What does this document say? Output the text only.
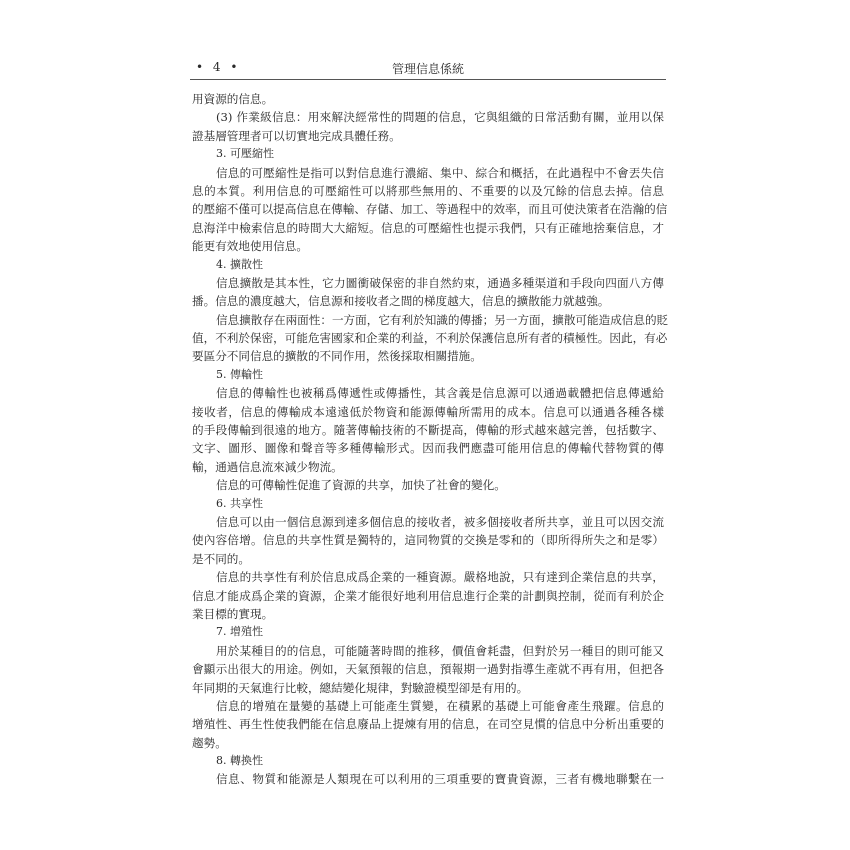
• 4 •	管理信息係統
用資源的信息。
(3) 作業級信息：用來解決經常性的問題的信息，它與組織的日常活動有關，並用以保
證基層管理者可以切實地完成具體任務。
3. 可壓縮性
信息的可壓縮性是指可以對信息進行濃縮、集中、綜合和概括，在此過程中不會丟失信
息的本質。利用信息的可壓縮性可以將那些無用的、不重要的以及冗餘的信息去掉。信息
的壓縮不僅可以提高信息在傳輸、存儲、加工、等過程中的效率，而且可使決策者在浩瀚的信
息海洋中檢索信息的時間大大縮短。信息的可壓縮性也提示我們，只有正確地捨棄信息，才
能更有效地使用信息。
4. 擴散性
信息擴散是其本性，它力圖衝破保密的非自然約束，通過多種渠道和手段向四面八方傳
播。信息的濃度越大，信息源和接收者之間的梯度越大，信息的擴散能力就越強。
信息擴散存在兩面性：一方面，它有利於知識的傳播；另一方面，擴散可能造成信息的貶
值，不利於保密，可能危害國家和企業的利益，不利於保護信息所有者的積極性。因此，有必
要區分不同信息的擴散的不同作用，然後採取相關措施。
5. 傳輸性
信息的傳輸性也被稱爲傳遞性或傳播性，其含義是信息源可以通過載體把信息傳遞給
接收者，信息的傳輸成本遠遠低於物資和能源傳輸所需用的成本。信息可以通過各種各樣
的手段傳輸到很遠的地方。隨著傳輸技術的不斷提高，傳輸的形式越來越完善，包括數字、
文字、圖形、圖像和聲音等多種傳輸形式。因而我們應盡可能用信息的傳輸代替物質的傳
輸，通過信息流來減少物流。
信息的可傳輸性促進了資源的共享，加快了社會的變化。
6. 共享性
信息可以由一個信息源到達多個信息的接收者，被多個接收者所共享，並且可以因交流
使內容倍增。信息的共享性質是獨特的，這同物質的交換是零和的（即所得所失之和是零）
是不同的。
信息的共享性有利於信息成爲企業的一種資源。嚴格地說，只有達到企業信息的共享，
信息才能成爲企業的資源，企業才能很好地利用信息進行企業的計劃與控制，從而有利於企
業目標的實現。
7. 增殖性
用於某種目的的信息，可能隨著時間的推移，價值會耗盡，但對於另一種目的則可能又
會顯示出很大的用途。例如，天氣預報的信息，預報期一過對指導生產就不再有用，但把各
年同期的天氣進行比較，總結變化規律，對驗證模型卻是有用的。
信息的增殖在量變的基礎上可能產生質變，在積累的基礎上可能會產生飛躍。信息的
增殖性、再生性使我們能在信息廢品上提煉有用的信息，在司空見慣的信息中分析出重要的
趨勢。
8. 轉換性
信息、物質和能源是人類現在可以利用的三項重要的寶貴資源，三者有機地聯繫在一
